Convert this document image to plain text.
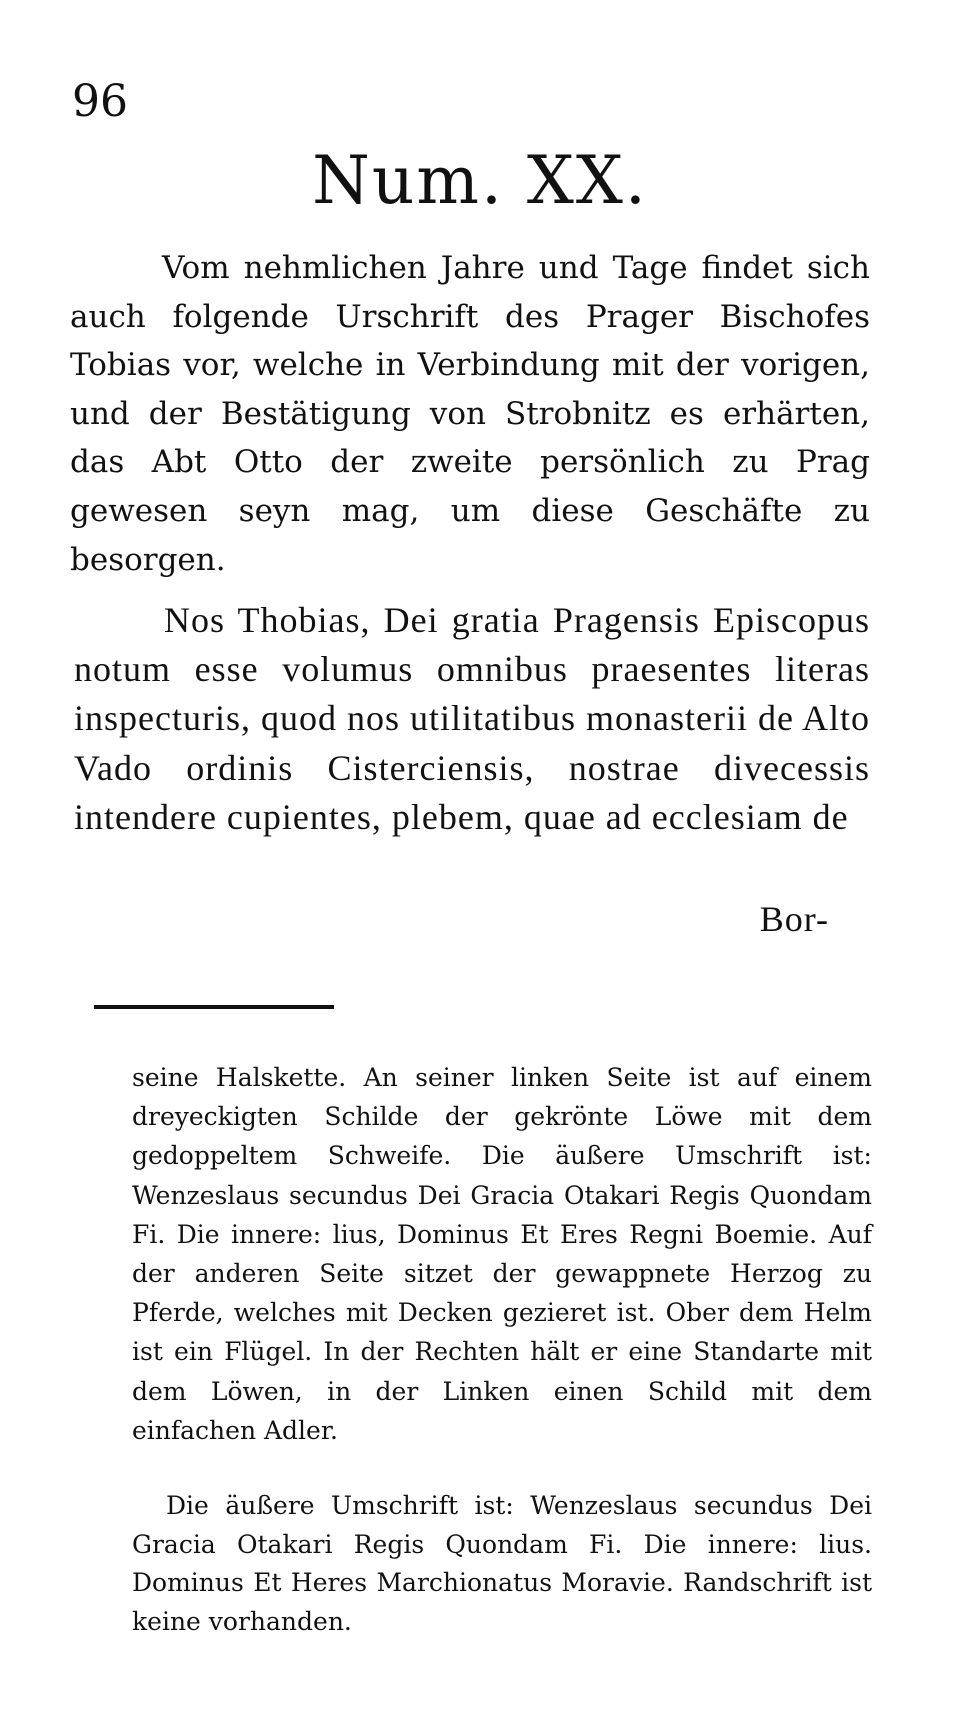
96
Num. XX.

Vom nehmlichen Jahre und Tage findet sich auch folgende Urschrift des Prager Bischofes Tobias vor, welche in Verbindung mit der vorigen, und der Bestätigung von Strobnitz es erhärten, das Abt Otto der zweite persönlich zu Prag gewesen seyn mag, um diese Geschäfte zu besorgen.

Nos Thobias, Dei gratia Pragensis Episcopus notum esse volumus omnibus praesentes literas inspecturis, quod nos utilitatibus monasterii de Alto Vado ordinis Cisterciensis, nostrae divecessis intendere cupientes, plebem, quae ad ecclesiam de

Bor-

seine Halskette. An seiner linken Seite ist auf einem dreyeckigten Schilde der gekrönte Löwe mit dem gedoppeltem Schweife. Die äußere Umschrift ist: Wenzeslaus secundus Dei Gracia Otakari Regis Quondam Fi. Die innere: lius, Dominus Et Eres Regni Boemie. Auf der anderen Seite sitzet der gewappnete Herzog zu Pferde, welches mit Decken gezieret ist. Ober dem Helm ist ein Flügel. In der Rechten hält er eine Standarte mit dem Löwen, in der Linken einen Schild mit dem einfachen Adler.

Die äußere Umschrift ist: Wenzeslaus secundus Dei Gracia Otakari Regis Quondam Fi. Die innere: lius. Dominus Et Heres Marchionatus Moravie. Randschrift ist keine vorhanden.
